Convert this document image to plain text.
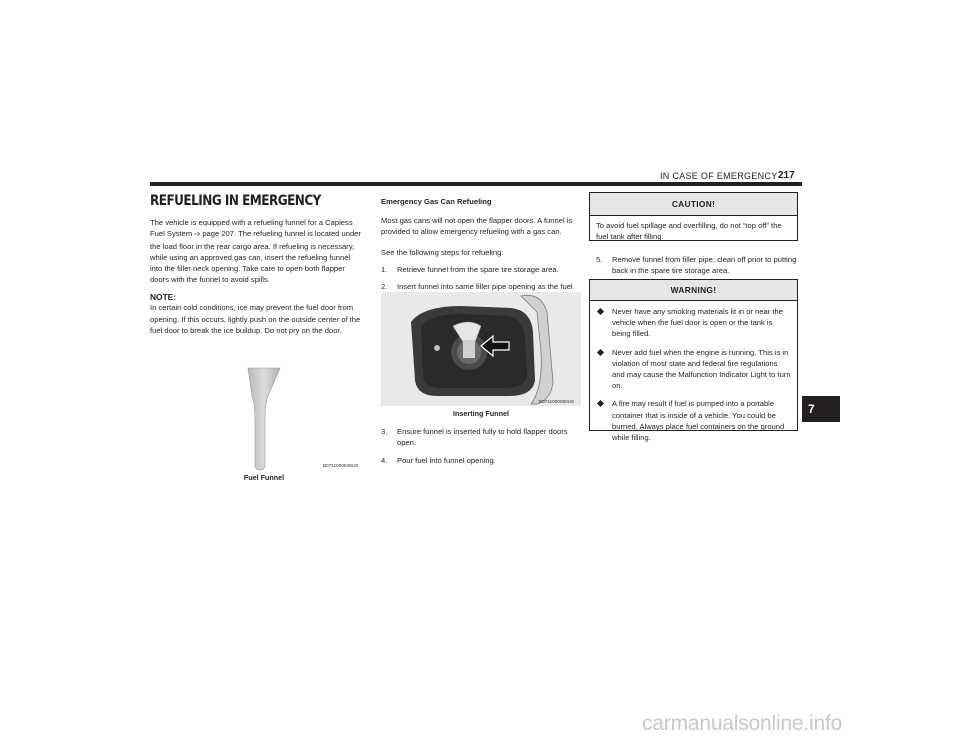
IN CASE OF EMERGENCY 217
REFUELING IN EMERGENCY

The vehicle is equipped with a refueling funnel for a Capless Fuel System ➩ page 207. The refueling funnel is located under the load floor in the rear cargo area. If refueling is necessary, while using an approved gas can, insert the refueling funnel into the filler neck opening. Take care to open both flapper doors with the funnel to avoid spills.

NOTE:
In certain cold conditions, ice may prevent the fuel door from opening. If this occurs, lightly push on the outside center of the fuel door to break the ice buildup. Do not pry on the door.

B0711000049US
Fuel Funnel
Emergency Gas Can Refueling

Most gas cans will not open the flapper doors. A funnel is provided to allow emergency refueling with a gas can.

See the following steps for refueling:

1. Retrieve funnel from the spare tire storage area.
2. Insert funnel into same filler pipe opening as the fuel
B0711000050US
Inserting Funnel
3. Ensure funnel is inserted fully to hold flapper doors open.
4. Pour fuel into funnel opening.
CAUTION!
To avoid fuel spillage and overfilling, do not “top off” the fuel tank after filling.
5.	Remove funnel from filler pipe, clean off prior to putting back in the spare tire storage area.
WARNING!
Never have any smoking materials lit in or near the vehicle when the fuel door is open or the tank is being filled.
Never add fuel when the engine is running. This is in violation of most state and federal fire regulations and may cause the Malfunction Indicator Light to turn on.
A fire may result if fuel is pumped into a portable container that is inside of a vehicle. You could be burned. Always place fuel containers on the ground while filling.
7
carmanualsonline.info
